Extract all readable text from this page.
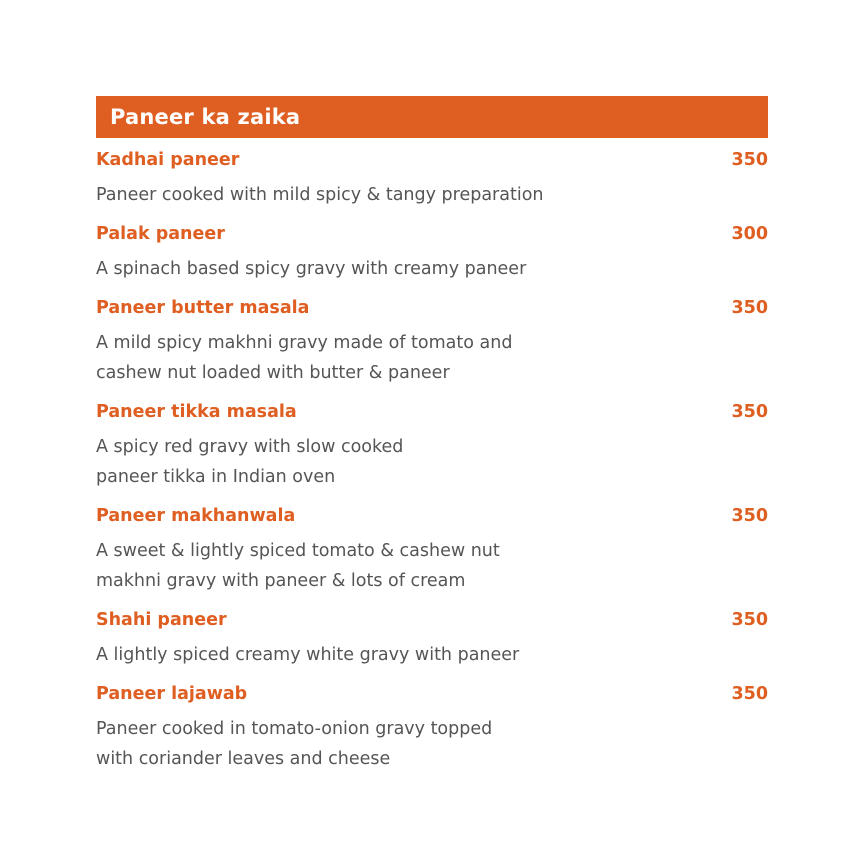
Paneer ka zaika
Kadhai paneer	350
Paneer cooked with mild spicy & tangy preparation
Palak paneer	300
A spinach based spicy gravy with creamy paneer
Paneer butter masala	350
A mild spicy makhni gravy made of tomato and
cashew nut loaded with butter & paneer
Paneer tikka masala	350
A spicy red gravy with slow cooked
paneer tikka in Indian oven
Paneer makhanwala	350
A sweet & lightly spiced tomato & cashew nut
makhni gravy with paneer & lots of cream
Shahi paneer	350
A lightly spiced creamy white gravy with paneer
Paneer lajawab	350
Paneer cooked in tomato-onion gravy topped
with coriander leaves and cheese
